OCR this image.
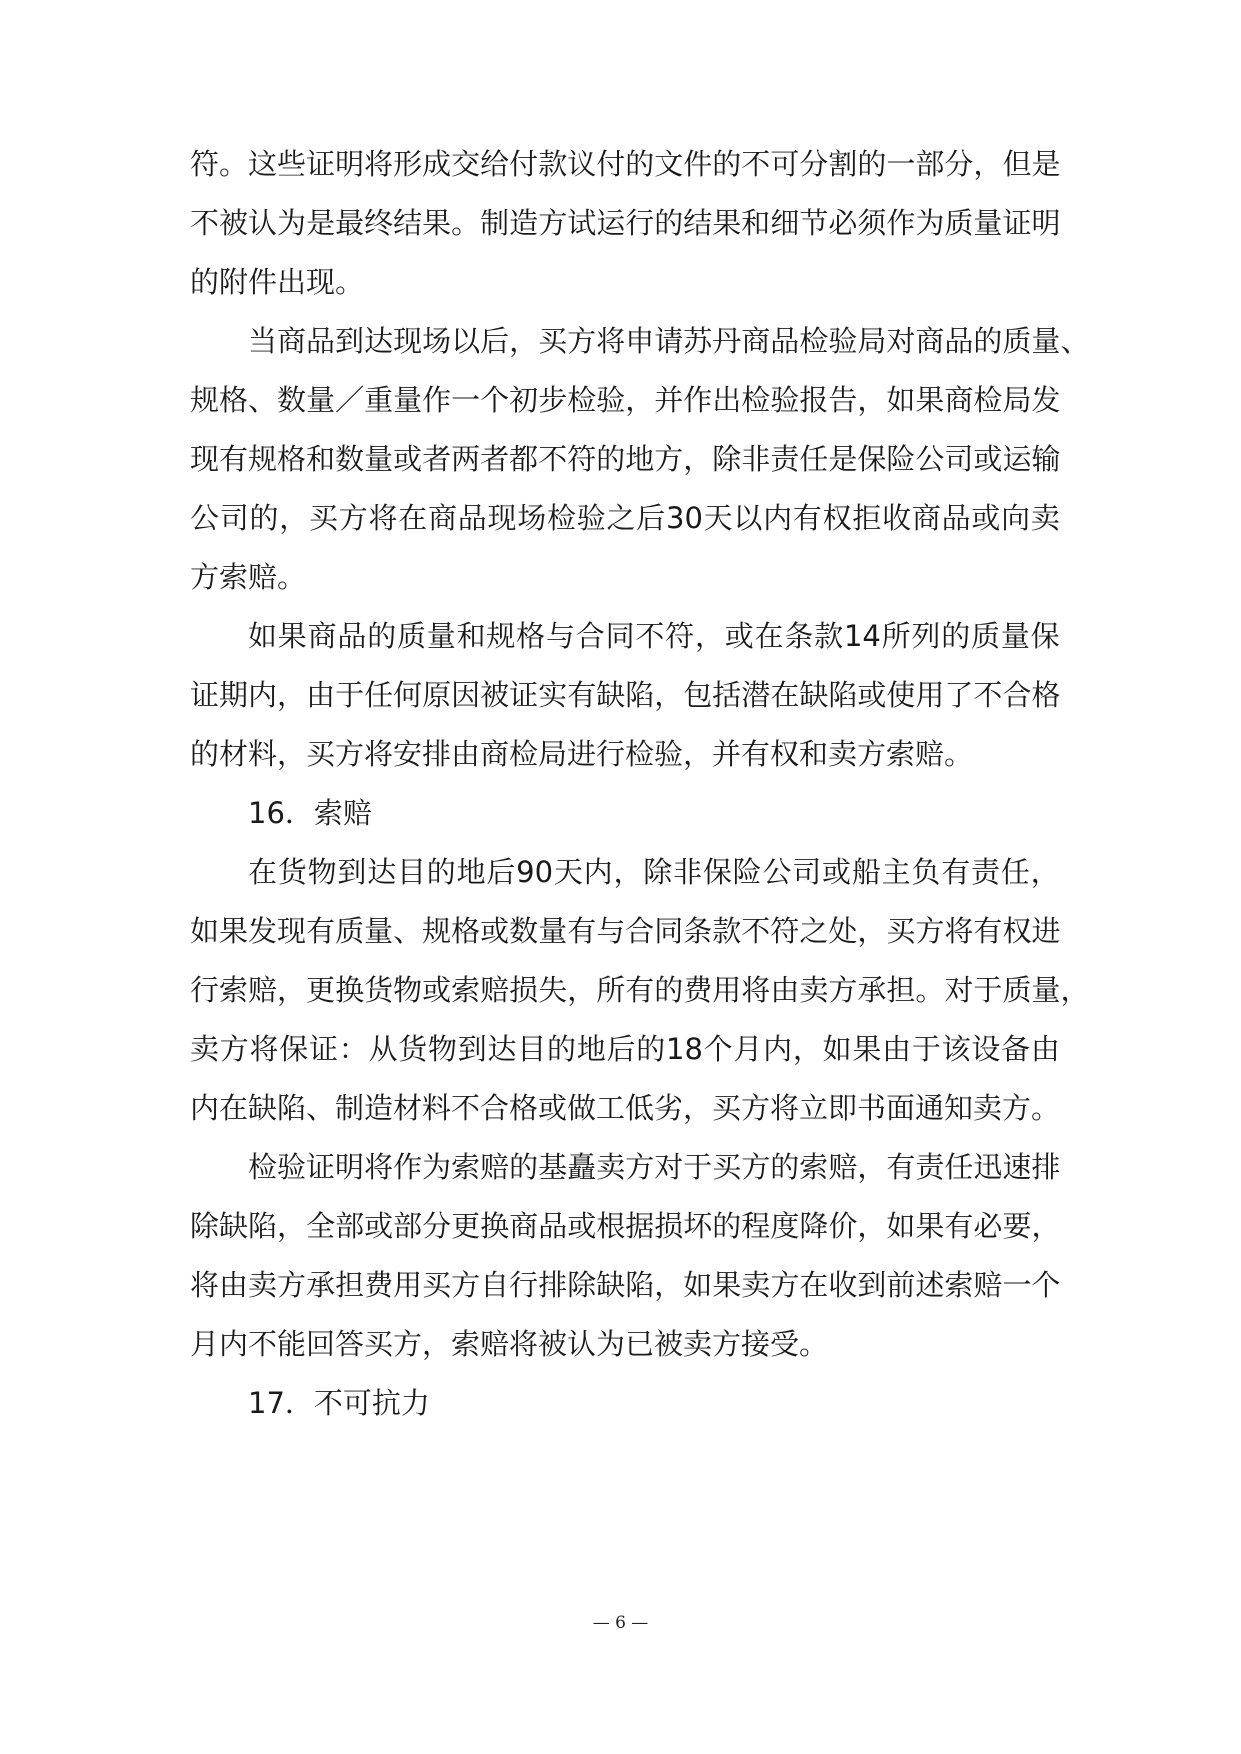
符 。 这 些 证 明 将 形 成 交 给 付 款 议 付 的 文 件 的 不 可 分 割 的 一 部 分 ， 但 是
不 被 认 为 是 最 终 结 果 。 制 造 方 试 运 行 的 结 果 和 细 节 必 须 作 为 质 量 证 明
的附件出现。
当 商 品 到 达 现 场 以 后 ， 买 方 将 申 请 苏 丹 商 品 检 验 局 对 商 品 的 质 量 、
规 格 、 数 量 ／ 重 量 作 一 个 初 步 检 验 ， 并 作 出 检 验 报 告 ， 如 果 商 检 局 发
现 有 规 格 和 数 量 或 者 两 者 都 不 符 的 地 方 ， 除 非 责 任 是 保 险 公 司 或 运 输
公 司 的 ， 买 方 将 在 商 品 现 场 检 验 之 后 30 天 以 内 有 权 拒 收 商 品 或 向 卖
方索赔。
如 果 商 品 的 质 量 和 规 格 与 合 同 不 符 ， 或 在 条 款 14 所 列 的 质 量 保
证 期 内 ， 由 于 任 何 原 因 被 证 实 有 缺 陷 ， 包 括 潜 在 缺 陷 或 使 用 了 不 合 格
的材料，买方将安排由商检局进行检验，并有权和卖方索赔。
16．索赔
在 货 物 到 达 目 的 地 后 90 天 内 ， 除 非 保 险 公 司 或 船 主 负 有 责 任 ，
如 果 发 现 有 质 量 、 规 格 或 数 量 有 与 合 同 条 款 不 符 之 处 ， 买 方 将 有 权 进
行 索 赔 ， 更 换 货 物 或 索 赔 损 失 ， 所 有 的 费 用 将 由 卖 方 承 担 。 对 于 质 量 ，
卖 方 将 保 证 ： 从 货 物 到 达 目 的 地 后 的 18 个 月 内 ， 如 果 由 于 该 设 备 由
内在缺陷、制造材料不合格或做工低劣，买方将立即书面通知卖方。
检 验 证 明 将 作 为 索 赔 的 基 矗 卖 方 对 于 买 方 的 索 赔 ， 有 责 任 迅 速 排
除 缺 陷 ， 全 部 或 部 分 更 换 商 品 或 根 据 损 坏 的 程 度 降 价 ， 如 果 有 必 要 ，
将 由 卖 方 承 担 费 用 买 方 自 行 排 除 缺 陷 ， 如 果 卖 方 在 收 到 前 述 索 赔 一 个
月内不能回答买方，索赔将被认为已被卖方接受。
17．不可抗力
— 6 —
